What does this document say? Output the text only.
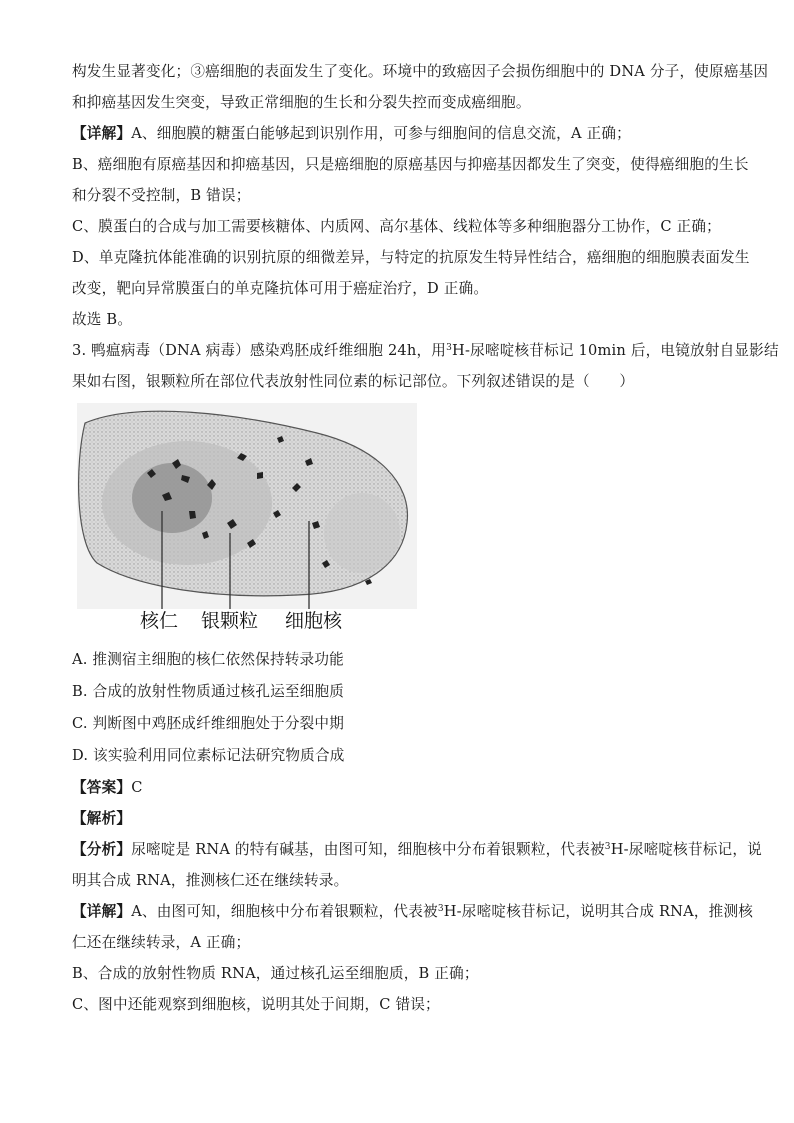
构发生显著变化；③癌细胞的表面发生了变化。环境中的致癌因子会损伤细胞中的 DNA 分子，使原癌基因
和抑癌基因发生突变，导致正常细胞的生长和分裂失控而变成癌细胞。
【详解】A、细胞膜的糖蛋白能够起到识别作用，可参与细胞间的信息交流，A 正确；
B、癌细胞有原癌基因和抑癌基因，只是癌细胞的原癌基因与抑癌基因都发生了突变，使得癌细胞的生长
和分裂不受控制，B 错误；
C、膜蛋白的合成与加工需要核糖体、内质网、高尔基体、线粒体等多种细胞器分工协作，C 正确；
D、单克隆抗体能准确的识别抗原的细微差异，与特定的抗原发生特异性结合，癌细胞的细胞膜表面发生
改变，靶向异常膜蛋白的单克隆抗体可用于癌症治疗，D 正确。
故选 B。
3. 鸭瘟病毒（DNA 病毒）感染鸡胚成纤维细胞 24h，用$^3$H-尿嘧啶核苷标记 10min 后，电镜放射自显影结
果如右图，银颗粒所在部位代表放射性同位素的标记部位。下列叙述错误的是（　　）
核仁 银颗粒 细胞核
A. 推测宿主细胞的核仁依然保持转录功能
B. 合成的放射性物质通过核孔运至细胞质
C. 判断图中鸡胚成纤维细胞处于分裂中期
D. 该实验利用同位素标记法研究物质合成
【答案】C
【解析】
【分析】尿嘧啶是 RNA 的特有碱基，由图可知，细胞核中分布着银颗粒，代表被$^3$H-尿嘧啶核苷标记，说
明其合成 RNA，推测核仁还在继续转录。
【详解】A、由图可知，细胞核中分布着银颗粒，代表被$^3$H-尿嘧啶核苷标记，说明其合成 RNA，推测核
仁还在继续转录，A 正确；
B、合成的放射性物质 RNA，通过核孔运至细胞质，B 正确；
C、图中还能观察到细胞核，说明其处于间期，C 错误；
